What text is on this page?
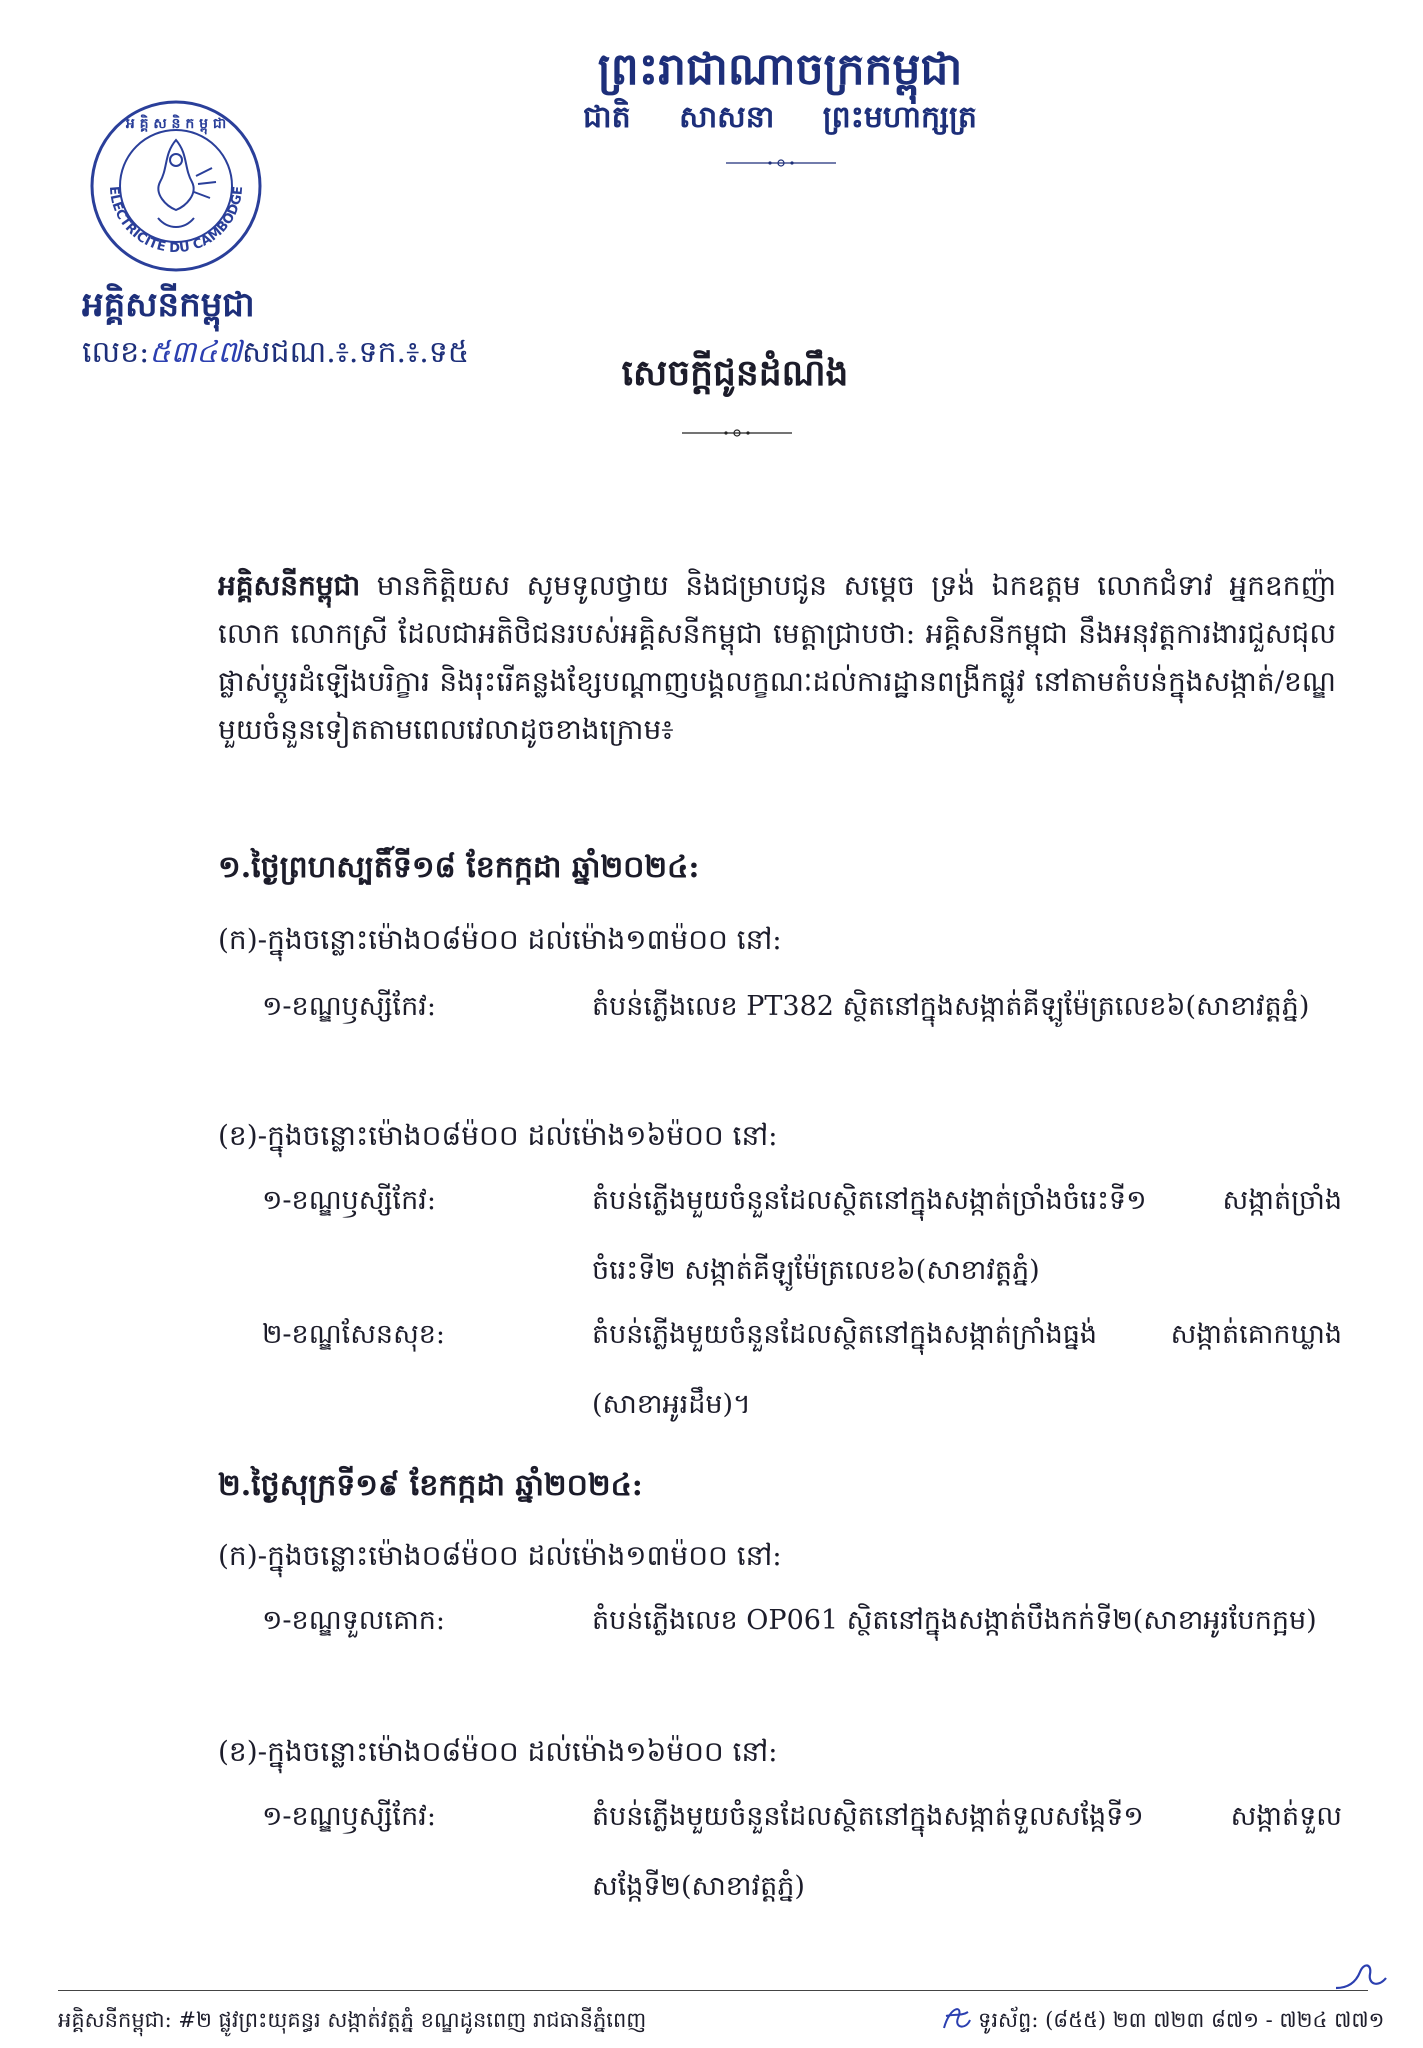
ព្រះរាជាណាចក្រកម្ពុជា
ជាតិ សាសនា ព្រះមហាក្សត្រ
ELECTRICITE DU CAMBODGE
អ គ្គិ ស និ ក ម្ពុ ជា
អគ្គិសនីកម្ពុជា
លេខ:៥៣៤៧សជណ.៖.ទក.៖.ទ៥	សេចក្ដីជូនដំណឹង
អគ្គិសនីកម្ពុជា មានកិត្តិយស សូមទូលថ្វាយ និងជម្រាបជូន សម្ដេច ទ្រង់ ឯកឧត្ដម លោកជំទាវ អ្នកឧកញ៉ា លោក លោកស្រី ដែលជាអតិថិជនរបស់អគ្គិសនីកម្ពុជា មេត្តាជ្រាបថា: អគ្គិសនីកម្ពុជា នឹងអនុវត្តការងារជួសជុល ផ្លាស់ប្ដូរដំឡើងបរិក្ខារ និងរុះរើគន្លងខ្សែបណ្ដាញបង្គលក្ខណៈដល់ការដ្ឋានពង្រីកផ្លូវ នៅតាមតំបន់ក្នុងសង្កាត់/ខណ្ឌមួយចំនួនទៀតតាមពេលវេលាដូចខាងក្រោម៖
១.ថ្ងៃព្រហស្បតិ៍ទី១៨ ខែកក្កដា ឆ្នាំ២០២៤:
(ក)-ក្នុងចន្លោះម៉ោង០៨ម៉០០ ដល់ម៉ោង១៣ម៉០០ នៅ:
១-ខណ្ឌឫស្សីកែវ:	តំបន់ភ្លើងលេខ PT382 ស្ថិតនៅក្នុងសង្កាត់គីឡូម៉ែត្រលេខ៦(សាខាវត្តភ្នំ)
(ខ)-ក្នុងចន្លោះម៉ោង០៨ម៉០០ ដល់ម៉ោង១៦ម៉០០ នៅ:
១-ខណ្ឌឫស្សីកែវ:	តំបន់ភ្លើងមួយចំនួនដែលស្ថិតនៅក្នុងសង្កាត់ច្រាំងចំរេះទី១ សង្កាត់ច្រាំងចំរេះទី២ សង្កាត់គីឡូម៉ែត្រលេខ៦(សាខាវត្តភ្នំ)
២-ខណ្ឌសែនសុខ:	តំបន់ភ្លើងមួយចំនួនដែលស្ថិតនៅក្នុងសង្កាត់ក្រាំងធ្នង់ សង្កាត់គោកឃ្លាង (សាខាអូរដឹម)។
២.ថ្ងៃសុក្រទី១៩ ខែកក្កដា ឆ្នាំ២០២៤:
(ក)-ក្នុងចន្លោះម៉ោង០៨ម៉០០ ដល់ម៉ោង១៣ម៉០០ នៅ:
១-ខណ្ឌទួលគោក:	តំបន់ភ្លើងលេខ OP061 ស្ថិតនៅក្នុងសង្កាត់បឹងកក់ទី២(សាខាអូរបែកក្អម)
(ខ)-ក្នុងចន្លោះម៉ោង០៨ម៉០០ ដល់ម៉ោង១៦ម៉០០ នៅ:
១-ខណ្ឌឫស្សីកែវ:	តំបន់ភ្លើងមួយចំនួនដែលស្ថិតនៅក្នុងសង្កាត់ទួលសង្កែទី១ សង្កាត់ទួលសង្កែទី២(សាខាវត្តភ្នំ)
អគ្គិសនីកម្ពុជា: #២ ផ្លូវព្រះយុគន្ធរ សង្កាត់វត្តភ្នំ ខណ្ឌដូនពេញ រាជធានីភ្នំពេញ	ទូរស័ព្ទ: (៨៥៥) ២៣ ៧២៣ ៨៧១ - ៧២៤ ៧៧១
